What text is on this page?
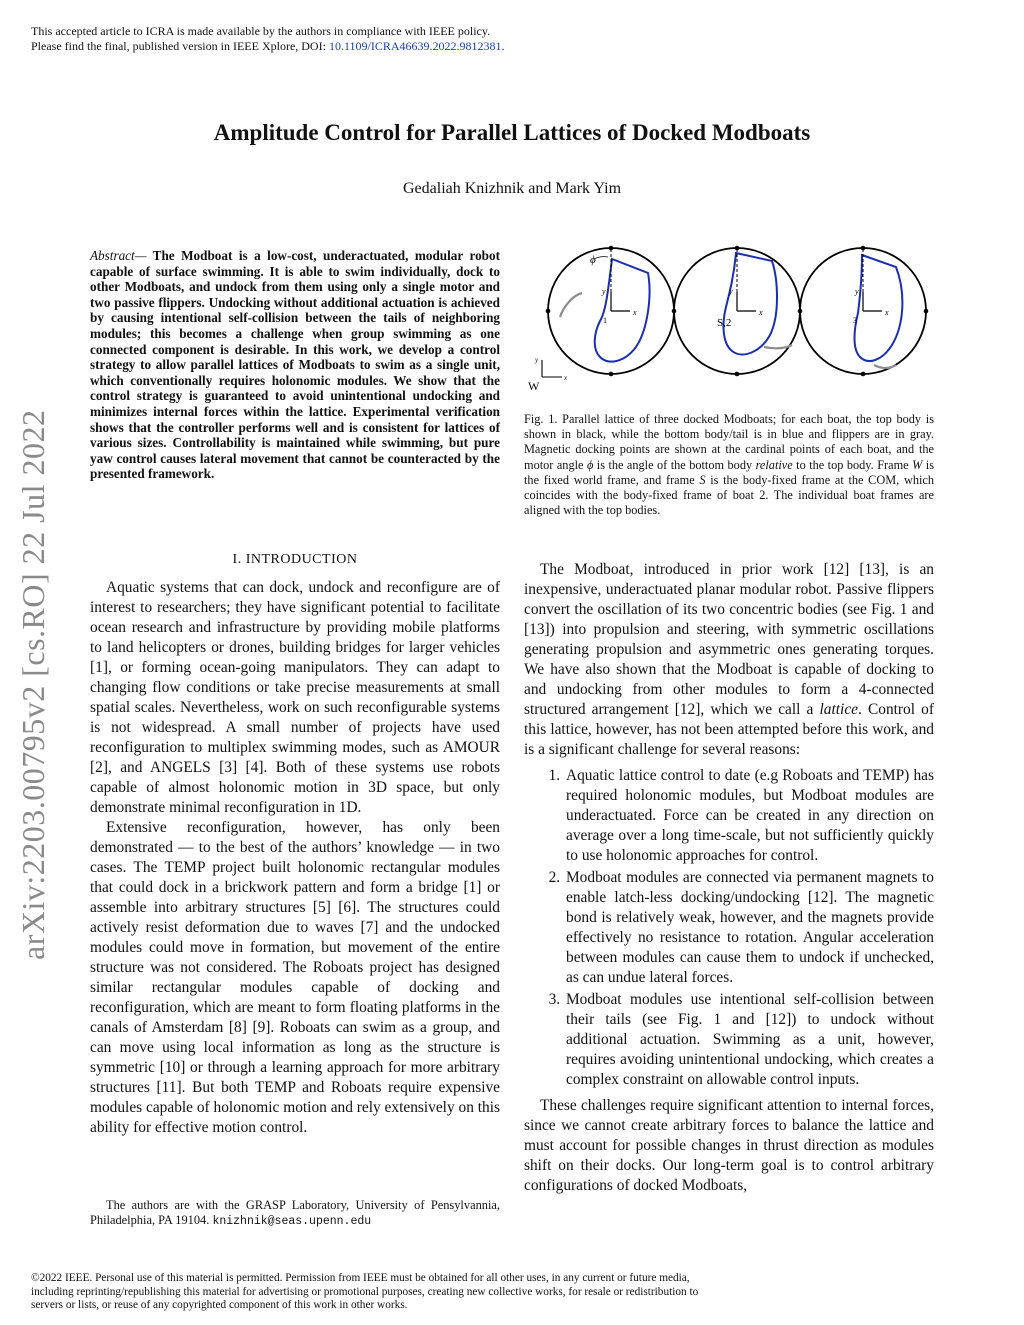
This accepted article to ICRA is made available by the authors in compliance with IEEE policy.
Please find the final, published version in IEEE Xplore, DOI: 10.1109/ICRA46639.2022.9812381.
arXiv:2203.00795v2 [cs.RO] 22 Jul 2022
Amplitude Control for Parallel Lattices of Docked Modboats
Gedaliah Knizhnik and Mark Yim
Abstract— The Modboat is a low-cost, underactuated, modular robot capable of surface swimming. It is able to swim individually, dock to other Modboats, and undock from them using only a single motor and two passive flippers. Undocking without additional actuation is achieved by causing intentional self-collision between the tails of neighboring modules; this becomes a challenge when group swimming as one connected component is desirable. In this work, we develop a control strategy to allow parallel lattices of Modboats to swim as a single unit, which conventionally requires holonomic modules. We show that the control strategy is guaranteed to avoid unintentional undocking and minimizes internal forces within the lattice. Experimental verification shows that the controller performs well and is consistent for lattices of various sizes. Controllability is maintained while swimming, but pure yaw control causes lateral movement that cannot be counteracted by the presented framework.
I. INTRODUCTION

Aquatic systems that can dock, undock and reconfigure are of interest to researchers; they have significant potential to facilitate ocean research and infrastructure by providing mobile platforms to land helicopters or drones, building bridges for larger vehicles [1], or forming ocean-going manipulators. They can adapt to changing flow conditions or take precise measurements at small spatial scales. Nevertheless, work on such reconfigurable systems is not widespread. A small number of projects have used reconfiguration to multiplex swimming modes, such as AMOUR [2], and ANGELS [3] [4]. Both of these systems use robots capable of almost holonomic motion in 3D space, but only demonstrate minimal reconfiguration in 1D.

Extensive reconfiguration, however, has only been demonstrated — to the best of the authors’ knowledge — in two cases. The TEMP project built holonomic rectangular modules that could dock in a brickwork pattern and form a bridge [1] or assemble into arbitrary structures [5] [6]. The structures could actively resist deformation due to waves [7] and the undocked modules could move in formation, but movement of the entire structure was not considered. The Roboats project has designed similar rectangular modules capable of docking and reconfiguration, which are meant to form floating platforms in the canals of Amsterdam [8] [9]. Roboats can swim as a group, and can move using local information as long as the structure is symmetric [10] or through a learning approach for more arbitrary structures [11]. But both TEMP and Roboats require expensive modules capable of holonomic motion and rely extensively on this ability for effective motion control.

The authors are with the GRASP Laboratory, University of Pensylvannia, Philadelphia, PA 19104. knizhnik@seas.upenn.edu
ϕ
x
y
1
x
y
S,2
x
y
3
x
y
W
Fig. 1. Parallel lattice of three docked Modboats; for each boat, the top body is shown in black, while the bottom body/tail is in blue and flippers are in gray. Magnetic docking points are shown at the cardinal points of each boat, and the motor angle ϕ is the angle of the bottom body relative to the top body. Frame W is the fixed world frame, and frame S is the body-fixed frame at the COM, which coincides with the body-fixed frame of boat 2. The individual boat frames are aligned with the top bodies.

The Modboat, introduced in prior work [12] [13], is an inexpensive, underactuated planar modular robot. Passive flippers convert the oscillation of its two concentric bodies (see Fig. 1 and [13]) into propulsion and steering, with symmetric oscillations generating propulsion and asymmetric ones generating torques. We have also shown that the Modboat is capable of docking to and undocking from other modules to form a 4-connected structured arrangement [12], which we call a lattice. Control of this lattice, however, has not been attempted before this work, and is a significant challenge for several reasons:

1. Aquatic lattice control to date (e.g Roboats and TEMP) has required holonomic modules, but Modboat modules are underactuated. Force can be created in any direction on average over a long time-scale, but not sufficiently quickly to use holonomic approaches for control.
2. Modboat modules are connected via permanent magnets to enable latch-less docking/undocking [12]. The magnetic bond is relatively weak, however, and the magnets provide effectively no resistance to rotation. Angular acceleration between modules can cause them to undock if unchecked, as can undue lateral forces.
3. Modboat modules use intentional self-collision between their tails (see Fig. 1 and [12]) to undock without additional actuation. Swimming as a unit, however, requires avoiding unintentional undocking, which creates a complex constraint on allowable control inputs.

These challenges require significant attention to internal forces, since we cannot create arbitrary forces to balance the lattice and must account for possible changes in thrust direction as modules shift on their docks. Our long-term goal is to control arbitrary configurations of docked Modboats,

©2022 IEEE. Personal use of this material is permitted. Permission from IEEE must be obtained for all other uses, in any current or future media, including reprinting/republishing this material for advertising or promotional purposes, creating new collective works, for resale or redistribution to servers or lists, or reuse of any copyrighted component of this work in other works.
